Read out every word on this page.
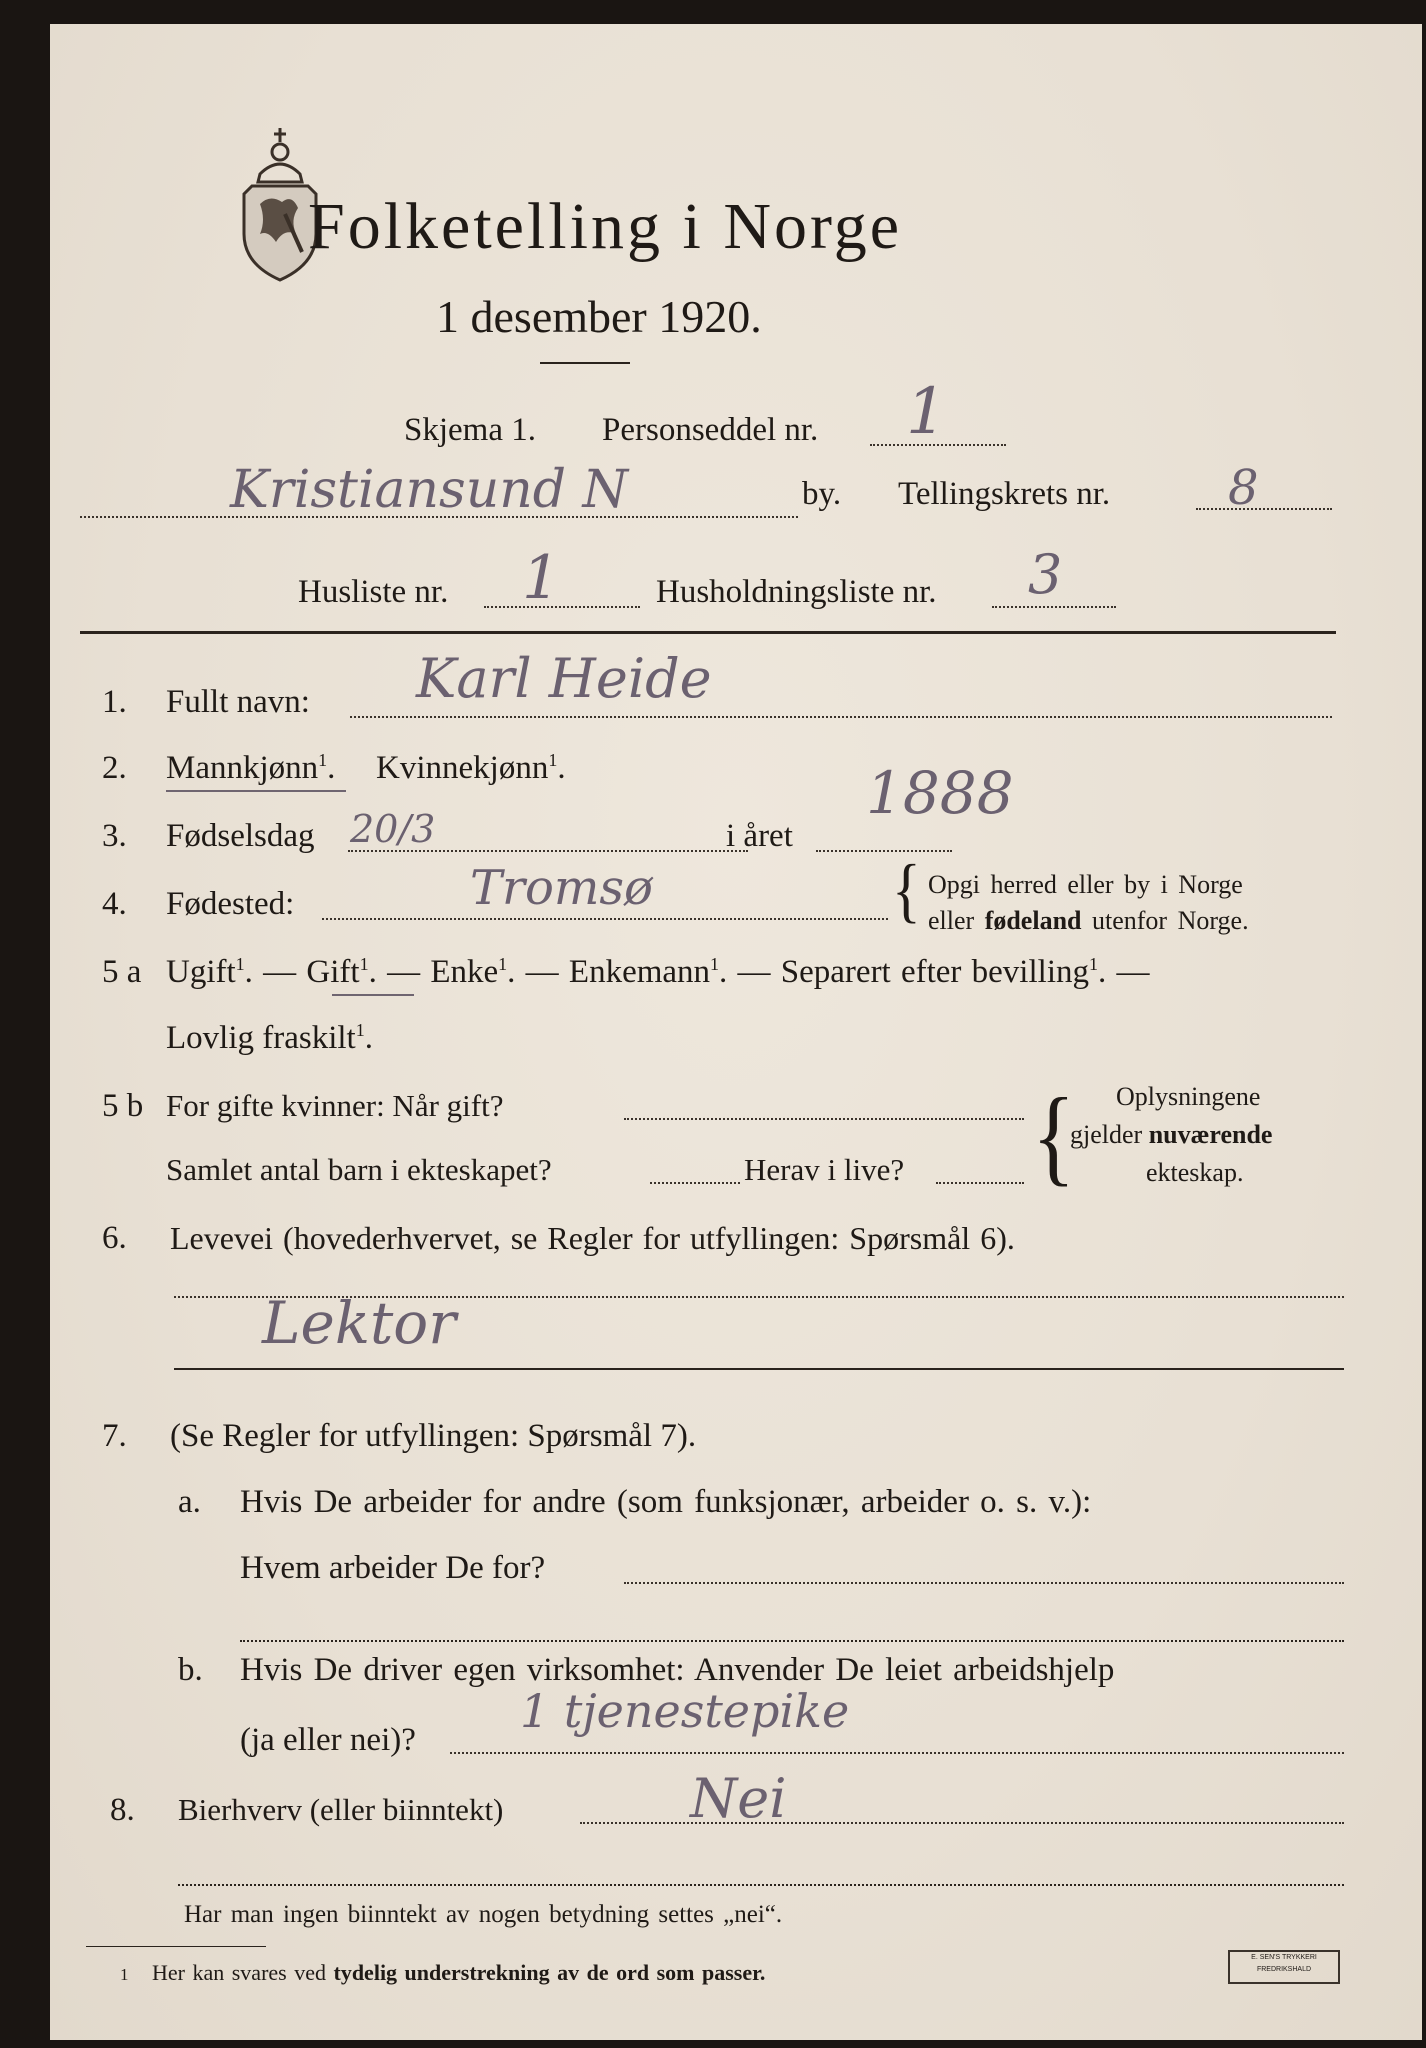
Folketelling i Norge
1 desember 1920.
Skjema 1. Personseddel nr. 1
Kristiansund N	by. Tellingskrets nr. 8
Husliste nr. 1	Husholdningsliste nr. 3
1. Fullt navn: Karl Heide
2. Mannkjønn$^1$. Kvinnekjønn$^1$.
3. Fødselsdag 20/3	i året
1888
4. Fødested:	Tromsø	{ Opgi herred eller by i Norge
eller fødeland utenfor Norge.
5 a Ugift$^1$. — Gift$^1$. — Enke$^1$. — Enkemann$^1$. — Separert efter bevilling$^1$. —
Lovlig fraskilt$^1$.
5 b For gifte kvinner: Når gift?
Samlet antal barn i ekteskapet?	Herav i live? { Oplysningene
gjelder nuværende
ekteskap.
6. Levevei (hovederhvervet, se Regler for utfyllingen: Spørsmål 6).
Lektor
7. (Se Regler for utfyllingen: Spørsmål 7).
a. Hvis De arbeider for andre (som funksjonær, arbeider o. s. v.):
Hvem arbeider De for?
b. Hvis De driver egen virksomhet: Anvender De leiet arbeidshjelp
(ja eller nei)?
1 tjenestepike
8. Bierhverv (eller biinntekt)	Nei
Har man ingen biinntekt av nogen betydning settes „nei“.
1 Her kan svares ved tydelig understrekning av de ord som passer.
E. SEN'S TRYKKERI
FREDRIKSHALD
